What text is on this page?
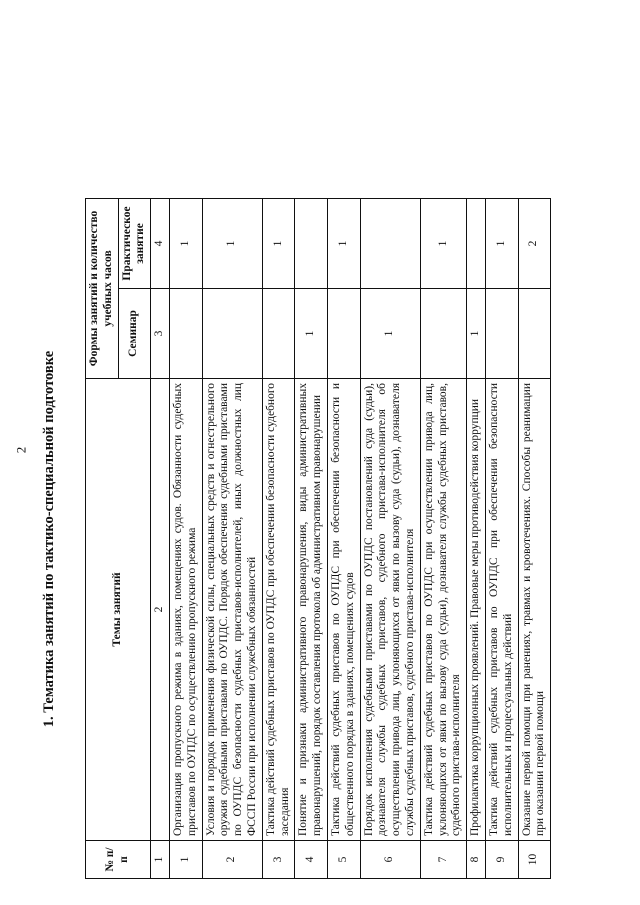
2 1. Тематика занятий по тактико-специальной подготовке
№ п/п	Темы занятий	Формы занятий и количество учебных часов	
		Семинар	Практическое занятие
1	2	3	4
1	Организация пропускного режима в зданиях, помещениях судов. Обязанности судебных приставов по ОУПДС по осуществлению пропускного режима		1
2	Условия и порядок применения физической силы, специальных средств и огнестрельного оружия судебными приставами по ОУПДС. Порядок обеспечения судебными приставами по ОУПДС безопасности судебных приставов-исполнителей, иных должностных лиц ФССП России при исполнении служебных обязанностей		1
3	Тактика действий судебных приставов по ОУПДС при обеспечении безопасности судебного заседания		1
4	Понятие и признаки административного правонарушения, виды административных правонарушений, порядок составления протокола об административном правонарушении	1	
5	Тактика действий судебных приставов по ОУПДС при обеспечении безопасности и общественного порядка в зданиях, помещениях судов		1
6	Порядок исполнения судебными приставами по ОУПДС постановлений суда (судьи), дознавателя службы судебных приставов, судебного пристава-исполнителя об осуществлении привода лиц, уклоняющихся от явки по вызову суда (судьи), дознавателя службы судебных приставов, судебного пристава-исполнителя	1	
7	Тактика действий судебных приставов по ОУПДС при осуществлении привода лиц, уклоняющихся от явки по вызову суда (судьи), дознавателя службы судебных приставов, судебного пристава-исполнителя		1
8	Профилактика коррупционных проявлений. Правовые меры противодействия коррупции	1	
9	Тактика действий судебных приставов по ОУПДС при обеспечении безопасности исполнительных и процессуальных действий		1
10	Оказание первой помощи при ранениях, травмах и кровотечениях. Способы реанимации при оказании первой помощи		2
